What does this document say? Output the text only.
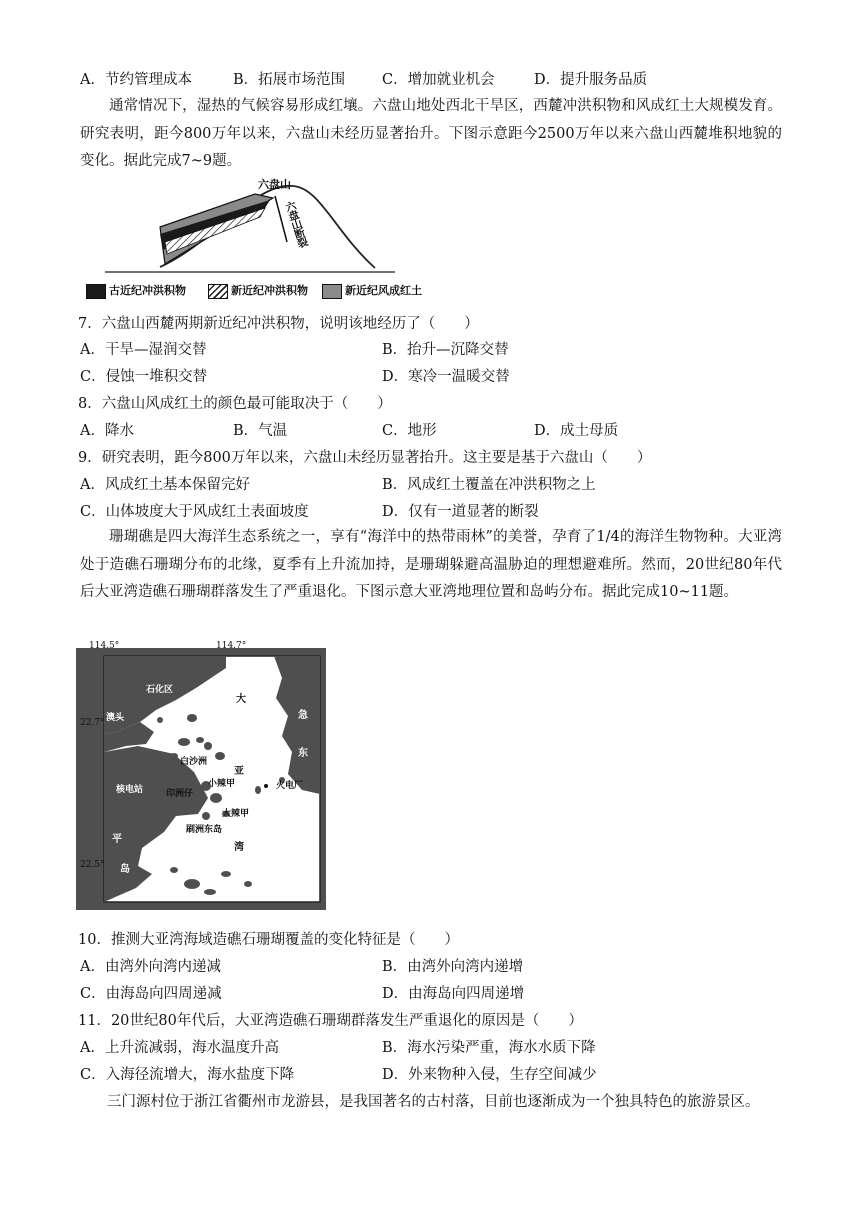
A．节约管理成本	B．拓展市场范围	C．增加就业机会	D．提升服务品质
通常情况下，湿热的气候容易形成红壤。六盘山地处西北干旱区，西麓冲洪积物和风成红土大规模发育。研究表明，距今800万年以来，六盘山未经历显著抬升。下图示意距今2500万年以来六盘山西麓堆积地貌的变化。据此完成7~9题。
六盘山
六盘山断裂
古近纪冲洪积物	新近纪冲洪积物	新近纪风成红土
7．六盘山西麓两期新近纪冲洪积物，说明该地经历了（　　）
A．干旱—湿润交替	B．抬升—沉降交替
C．侵蚀一堆积交替	D．寒冷一温暖交替
8．六盘山风成红土的颜色最可能取决于（　　）
A．降水	B．气温	C．地形	D．成土母质
9．研究表明，距今800万年以来，六盘山未经历显著抬升。这主要是基于六盘山（　　）
A．风成红土基本保留完好	B．风成红土覆盖在冲洪积物之上
C．山体坡度大于风成红土表面坡度	D．仅有一道显著的断裂
珊瑚礁是四大海洋生态系统之一，享有“海洋中的热带雨林”的美誉，孕育了1/4的海洋生物物种。大亚湾处于造礁石珊瑚分布的北缘，夏季有上升流加持，是珊瑚躲避高温胁迫的理想避难所。然而，20世纪80年代后大亚湾造礁石珊瑚群落发生了严重退化。下图示意大亚湾地理位置和岛屿分布。据此完成10~11题。
114.5°	114.7°
22.7°
22.5°
石化区
澳头
大
急
东
白沙洲
亚
小辣甲	火电厂
核电站	印洲仔
大辣甲
刷洲东岛
平
湾
岛
10．推测大亚湾海域造礁石珊瑚覆盖的变化特征是（　　）
A．由湾外向湾内递减	B．由湾外向湾内递增
C．由海岛向四周递减	D．由海岛向四周递增
11．20世纪80年代后，大亚湾造礁石珊瑚群落发生严重退化的原因是（　　）
A．上升流减弱，海水温度升高	B．海水污染严重，海水水质下降
C．入海径流增大，海水盐度下降	D．外来物种入侵，生存空间减少
三门源村位于浙江省衢州市龙游县，是我国著名的古村落，目前也逐渐成为一个独具特色的旅游景区。
